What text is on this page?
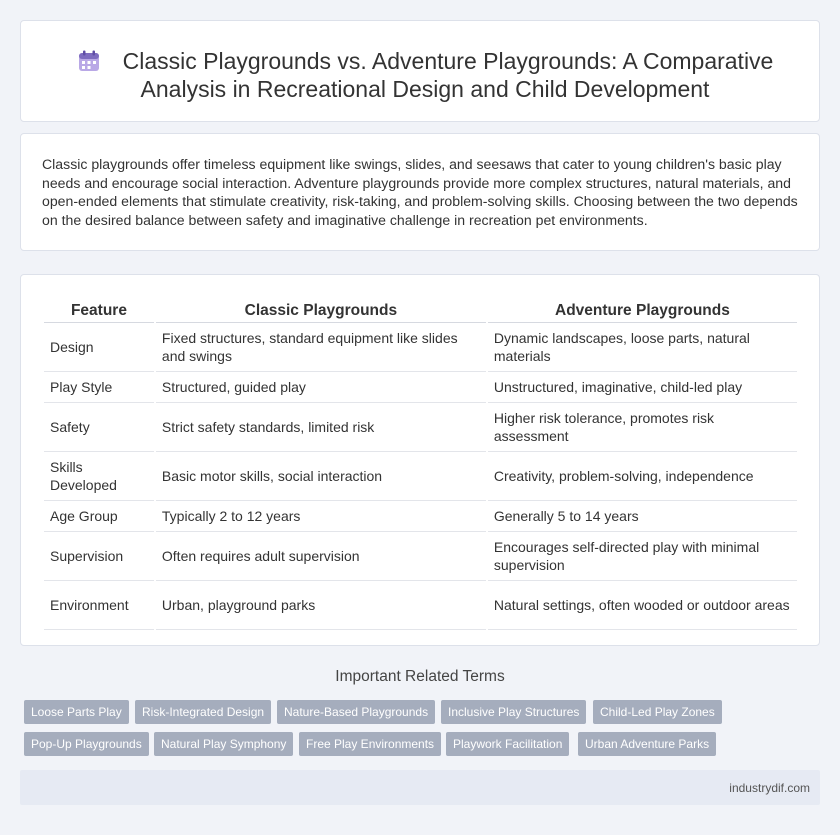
Classic Playgrounds vs. Adventure Playgrounds: A Comparative Analysis in Recreational Design and Child Development

Classic playgrounds offer timeless equipment like swings, slides, and seesaws that cater to young children's basic play needs and encourage social interaction. Adventure playgrounds provide more complex structures, natural materials, and open-ended elements that stimulate creativity, risk-taking, and problem-solving skills. Choosing between the two depends on the desired balance between safety and imaginative challenge in recreation pet environments.

Feature	Classic Playgrounds	Adventure Playgrounds
Design	Fixed structures, standard equipment like slides and swings	Dynamic landscapes, loose parts, natural materials
Play Style	Structured, guided play	Unstructured, imaginative, child-led play
Safety	Strict safety standards, limited risk	Higher risk tolerance, promotes risk assessment
Skills Developed	Basic motor skills, social interaction	Creativity, problem-solving, independence
Age Group	Typically 2 to 12 years	Generally 5 to 14 years
Supervision	Often requires adult supervision	Encourages self-directed play with minimal supervision
Environment	Urban, playground parks	Natural settings, often wooded or outdoor areas
Important Related Terms
Loose Parts Play	Risk-Integrated Design	Nature-Based Playgrounds	Inclusive Play Structures	Child-Led Play Zones
Pop-Up Playgrounds	Natural Play Symphony	Free Play Environments	Playwork Facilitation	Urban Adventure Parks
industrydif.com
